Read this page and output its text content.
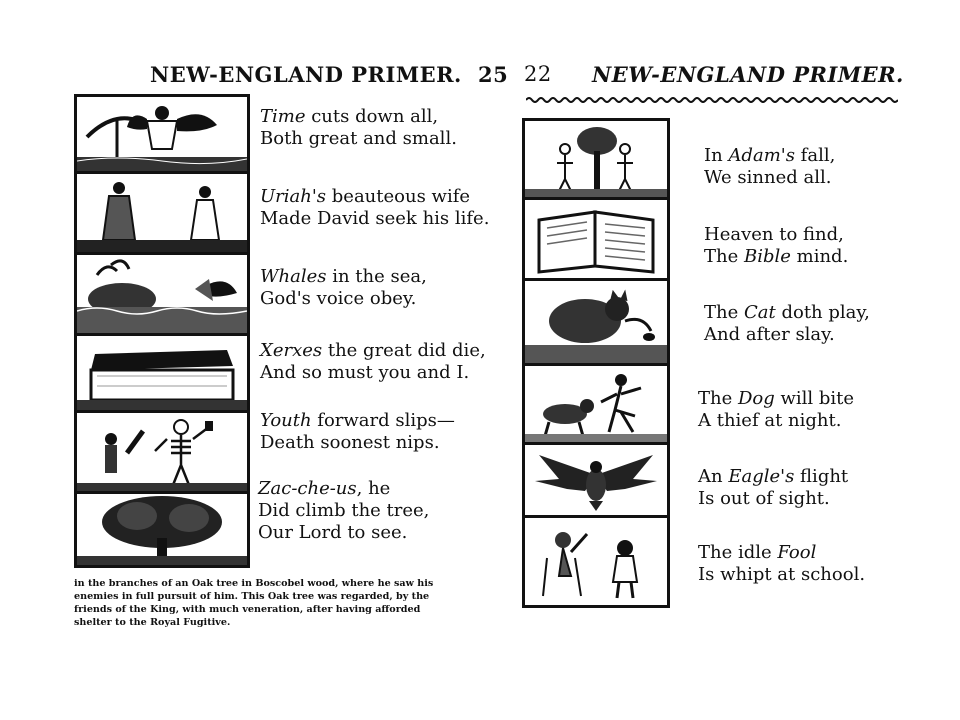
NEW-ENGLAND PRIMER. 25 22 NEW-ENGLAND PRIMER.
Time cuts down all,
Both great and small.
Uriah's beauteous wife
Made David seek his life.
Whales in the sea,
God's voice obey.
Xerxes the great did die,
And so must you and I.
Youth forward slips—
Death soonest nips.
Zac-che-us, he
Did climb the tree,
Our Lord to see.
in the branches of an Oak tree in Boscobel wood, where he saw his
enemies in full pursuit of him. This Oak tree was regarded, by the
friends of the King, with much veneration, after having afforded
shelter to the Royal Fugitive.
In Adam's fall,
We sinned all.
Heaven to find,
The Bible mind.
The Cat doth play,
And after slay.
The Dog will bite
A thief at night.
An Eagle's flight
Is out of sight.
The idle Fool
Is whipt at school.
